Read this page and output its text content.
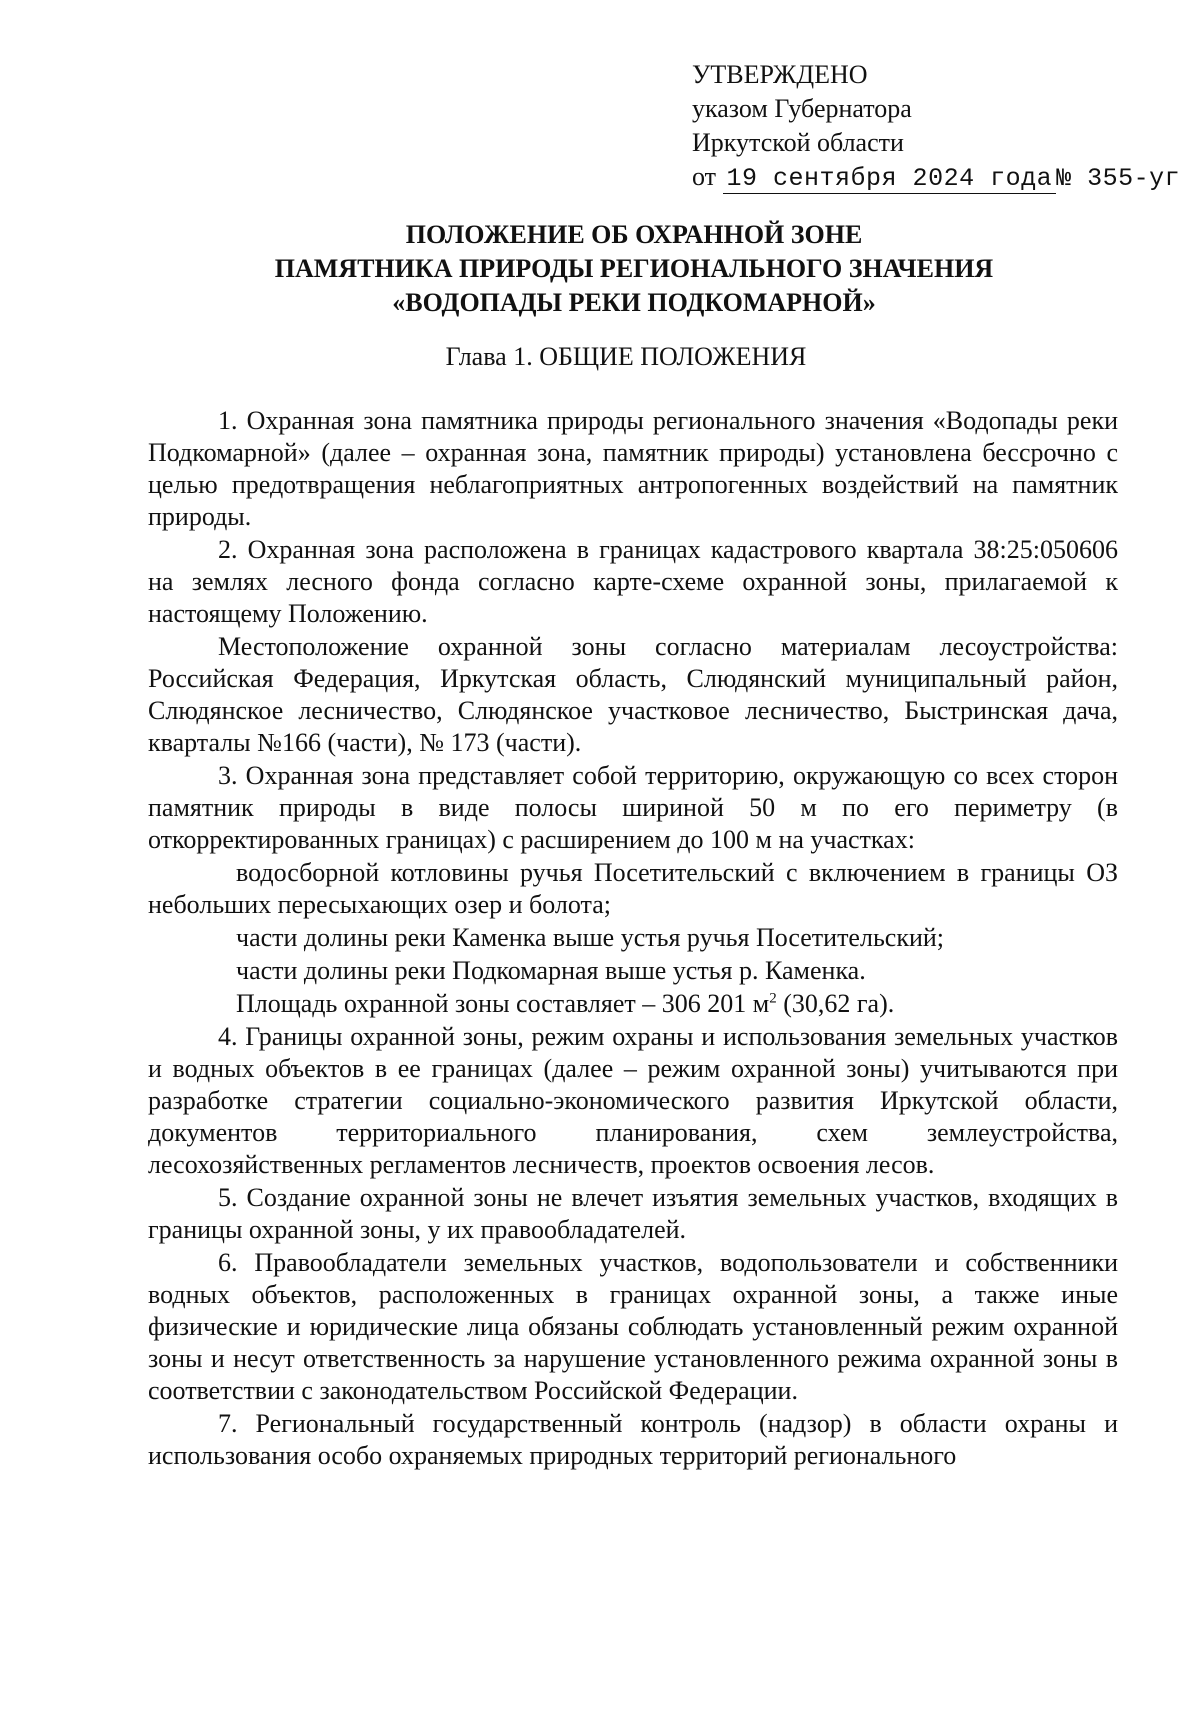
УТВЕРЖДЕНО
указом Губернатора
Иркутской области
от 19 сентября 2024 года № 355-уг
ПОЛОЖЕНИЕ ОБ ОХРАННОЙ ЗОНЕ
ПАМЯТНИКА ПРИРОДЫ РЕГИОНАЛЬНОГО ЗНАЧЕНИЯ
«ВОДОПАДЫ РЕКИ ПОДКОМАРНОЙ»
Глава 1. ОБЩИЕ ПОЛОЖЕНИЯ

1. Охранная зона памятника природы регионального значения «Водопады реки Подкомарной» (далее – охранная зона, памятник природы) установлена бессрочно с целью предотвращения неблагоприятных антропогенных воздействий на памятник природы.

2. Охранная зона расположена в границах кадастрового квартала 38:25:050606 на землях лесного фонда согласно карте-схеме охранной зоны, прилагаемой к настоящему Положению.

Местоположение охранной зоны согласно материалам лесоустройства: Российская Федерация, Иркутская область, Слюдянский муниципальный район, Слюдянское лесничество, Слюдянское участковое лесничество, Быстринская дача, кварталы №166 (части), № 173 (части).

3. Охранная зона представляет собой территорию, окружающую со всех сторон памятник природы в виде полосы шириной 50 м по его периметру (в откорректированных границах) с расширением до 100 м на участках:

водосборной котловины ручья Посетительский с включением в границы ОЗ небольших пересыхающих озер и болота;

части долины реки Каменка выше устья ручья Посетительский;

части долины реки Подкомарная выше устья р. Каменка.

Площадь охранной зоны составляет – 306 201 $м^2$ (30,62 га).

4. Границы охранной зоны, режим охраны и использования земельных участков и водных объектов в ее границах (далее – режим охранной зоны) учитываются при разработке стратегии социально-экономического развития Иркутской области, документов территориального планирования, схем землеустройства, лесохозяйственных регламентов лесничеств, проектов освоения лесов.

5. Создание охранной зоны не влечет изъятия земельных участков, входящих в границы охранной зоны, у их правообладателей.

6. Правообладатели земельных участков, водопользователи и собственники водных объектов, расположенных в границах охранной зоны, а также иные физические и юридические лица обязаны соблюдать установленный режим охранной зоны и несут ответственность за нарушение установленного режима охранной зоны в соответствии с законодательством Российской Федерации.

7. Региональный государственный контроль (надзор) в области охраны и использования особо охраняемых природных территорий регионального
